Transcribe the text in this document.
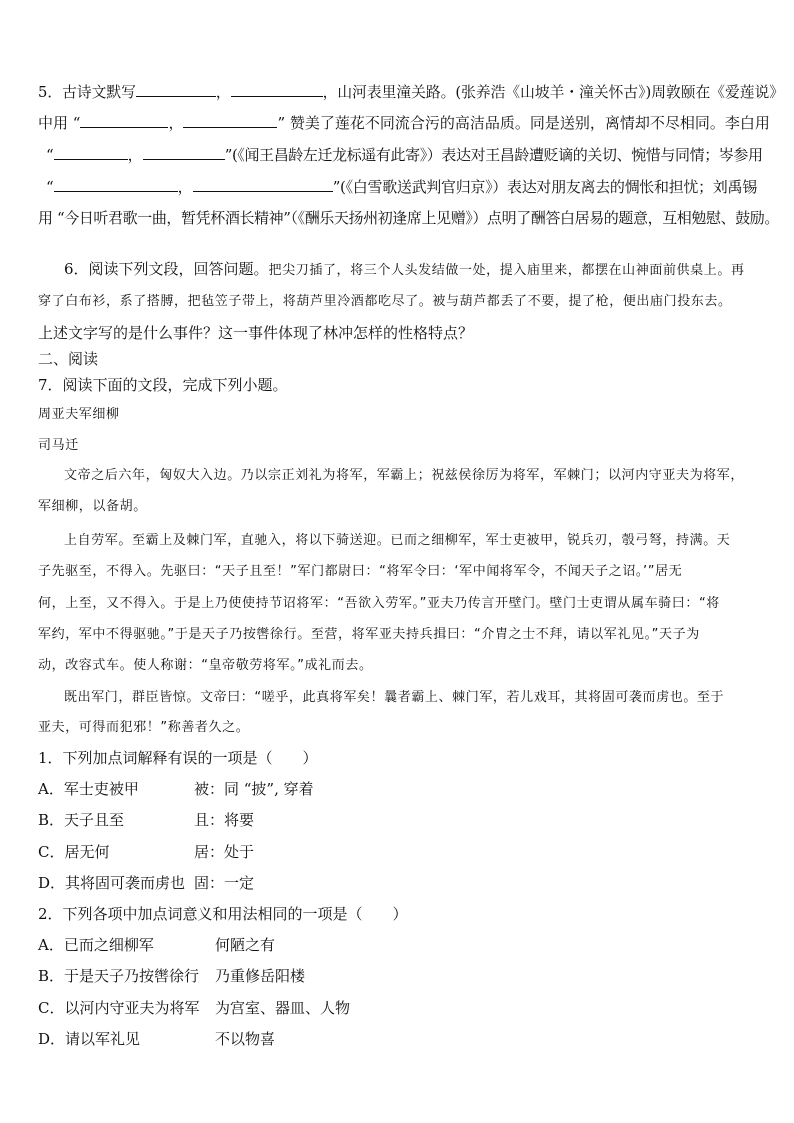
5．古诗文默写	，	，山河表里潼关路。(张养浩《山坡羊・潼关怀古》)周敦颐在《爱莲说》
中用 “	，	” 赞美了莲花不同流合污的高洁品质。同是送别，离情却不尽相同。李白用
“	，	”(《闻王昌龄左迁龙标遥有此寄》）表达对王昌龄遭贬谪的关切、惋惜与同情；岑参用
“	，	”(《白雪歌送武判官归京》）表达对朋友离去的惆怅和担忧；刘禹锡
用 “今日听君歌一曲，暂凭杯酒长精神”（《酬乐天扬州初逢席上见赠》）点明了酬答白居易的题意，互相勉慰、鼓励。
6．阅读下列文段，回答问题。把尖刀插了，将三个人头发结做一处，提入庙里来，都摆在山神面前供桌上。再
穿了白布衫，系了搭膊，把毡笠子带上，将葫芦里冷酒都吃尽了。被与葫芦都丢了不要，提了枪，便出庙门投东去。
上述文字写的是什么事件？这一事件体现了林冲怎样的性格特点？
二、阅读
7．阅读下面的文段，完成下列小题。
周亚夫军细柳
司马迁
文帝之后六年，匈奴大入边。乃以宗正刘礼为将军，军霸上；祝兹侯徐厉为将军，军棘门；以河内守亚夫为将军，
军细柳，以备胡。
上自劳军。至霸上及棘门军，直驰入，将以下骑送迎。已而之细柳军，军士吏被甲，锐兵刃，彀弓弩，持满。天
子先驱至，不得入。先驱曰：“天子且至！”军门都尉曰：“将军令曰：‘军中闻将军令，不闻天子之诏。’”居无
何，上至，又不得入。于是上乃使使持节诏将军：“吾欲入劳军。”亚夫乃传言开壁门。壁门士吏谓从属车骑曰：“将
军约，军中不得驱驰。”于是天子乃按辔徐行。至营，将军亚夫持兵揖曰：“介胄之士不拜，请以军礼见。”天子为
动，改容式车。使人称谢：“皇帝敬劳将军。”成礼而去。
既出军门，群臣皆惊。文帝曰：“嗟乎，此真将军矣！曩者霸上、棘门军，若儿戏耳，其将固可袭而虏也。至于
亚夫，可得而犯邪！”称善者久之。
1．下列加点词解释有误的一项是（　　）
A．军士吏被甲	被：同 “披”, 穿着
B．天子且至	且：将要
C．居无何	居：处于
D．其将固可袭而虏也 固：一定
2．下列各项中加点词意义和用法相同的一项是（　　）
A．已而之细柳军	何陋之有
B．于是天子乃按辔徐行 乃重修岳阳楼
C．以河内守亚夫为将军 为宫室、器皿、人物
D．请以军礼见	不以物喜
